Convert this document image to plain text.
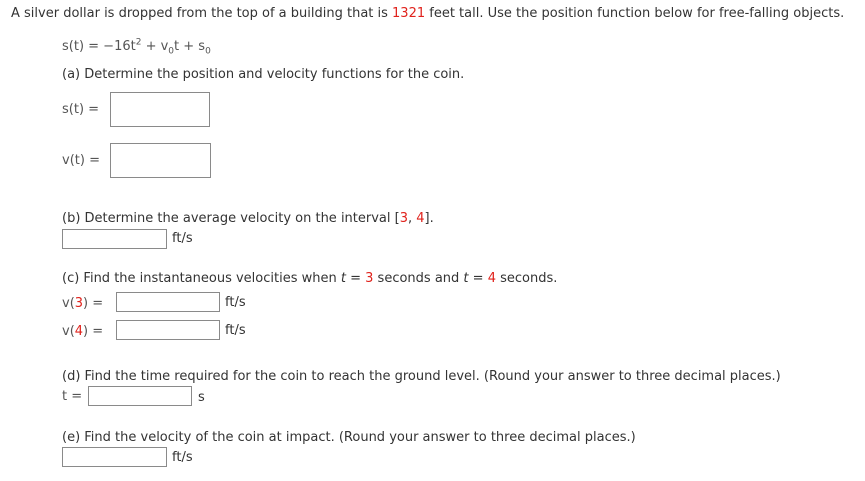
A silver dollar is dropped from the top of a building that is 1321 feet tall. Use the position function below for free-falling objects.
$s(t) = -16t^2 + v_0t + s_0$
(a) Determine the position and velocity functions for the coin.
s(t) =
v(t) =
(b) Determine the average velocity on the interval [3, 4].
ft/s
(c) Find the instantaneous velocities when t = 3 seconds and t = 4 seconds.
v(3) =	ft/s
v(4) =	ft/s
(d) Find the time required for the coin to reach the ground level. (Round your answer to three decimal places.)
t =	s
(e) Find the velocity of the coin at impact. (Round your answer to three decimal places.)
ft/s
